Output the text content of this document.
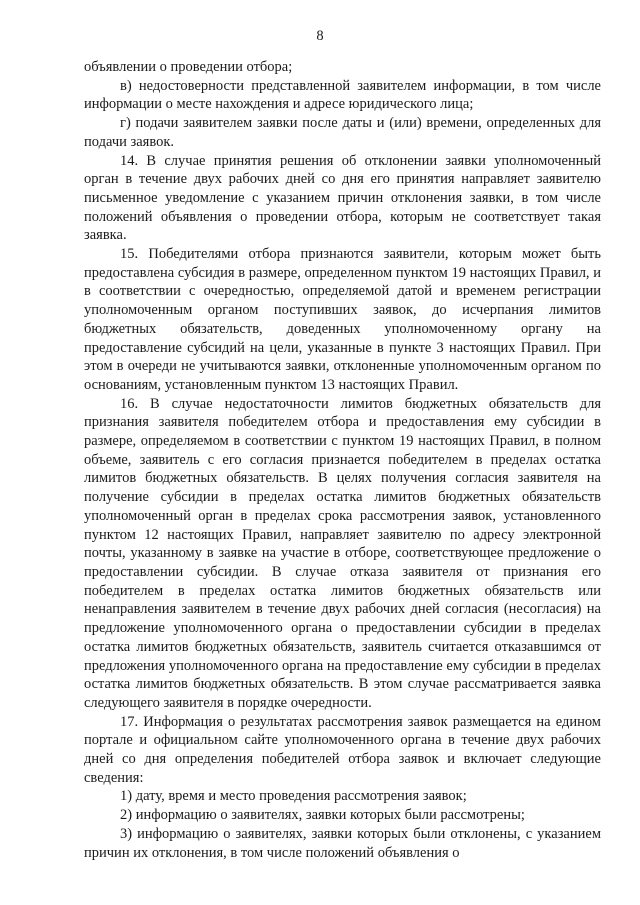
8

объявлении о проведении отбора;

в) недостоверности представленной заявителем информации, в том числе информации о месте нахождения и адресе юридического лица;

г) подачи заявителем заявки после даты и (или) времени, определенных для подачи заявок.

14. В случае принятия решения об отклонении заявки уполномоченный орган в течение двух рабочих дней со дня его принятия направляет заявителю письменное уведомление с указанием причин отклонения заявки, в том числе положений объявления о проведении отбора, которым не соответствует такая заявка.

15. Победителями отбора признаются заявители, которым может быть предоставлена субсидия в размере, определенном пунктом 19 настоящих Правил, и в соответствии с очередностью, определяемой датой и временем регистрации уполномоченным органом поступивших заявок, до исчерпания лимитов бюджетных обязательств, доведенных уполномоченному органу на предоставление субсидий на цели, указанные в пункте 3 настоящих Правил. При этом в очереди не учитываются заявки, отклоненные уполномоченным органом по основаниям, установленным пунктом 13 настоящих Правил.

16. В случае недостаточности лимитов бюджетных обязательств для признания заявителя победителем отбора и предоставления ему субсидии в размере, определяемом в соответствии с пунктом 19 настоящих Правил, в полном объеме, заявитель с его согласия признается победителем в пределах остатка лимитов бюджетных обязательств. В целях получения согласия заявителя на получение субсидии в пределах остатка лимитов бюджетных обязательств уполномоченный орган в пределах срока рассмотрения заявок, установленного пунктом 12 настоящих Правил, направляет заявителю по адресу электронной почты, указанному в заявке на участие в отборе, соответствующее предложение о предоставлении субсидии. В случае отказа заявителя от признания его победителем в пределах остатка лимитов бюджетных обязательств или ненаправления заявителем в течение двух рабочих дней согласия (несогласия) на предложение уполномоченного органа о предоставлении субсидии в пределах остатка лимитов бюджетных обязательств, заявитель считается отказавшимся от предложения уполномоченного органа на предоставление ему субсидии в пределах остатка лимитов бюджетных обязательств. В этом случае рассматривается заявка следующего заявителя в порядке очередности.

17. Информация о результатах рассмотрения заявок размещается на едином портале и официальном сайте уполномоченного органа в течение двух рабочих дней со дня определения победителей отбора заявок и включает следующие сведения:

1) дату, время и место проведения рассмотрения заявок;

2) информацию о заявителях, заявки которых были рассмотрены;

3) информацию о заявителях, заявки которых были отклонены, с указанием причин их отклонения, в том числе положений объявления о
